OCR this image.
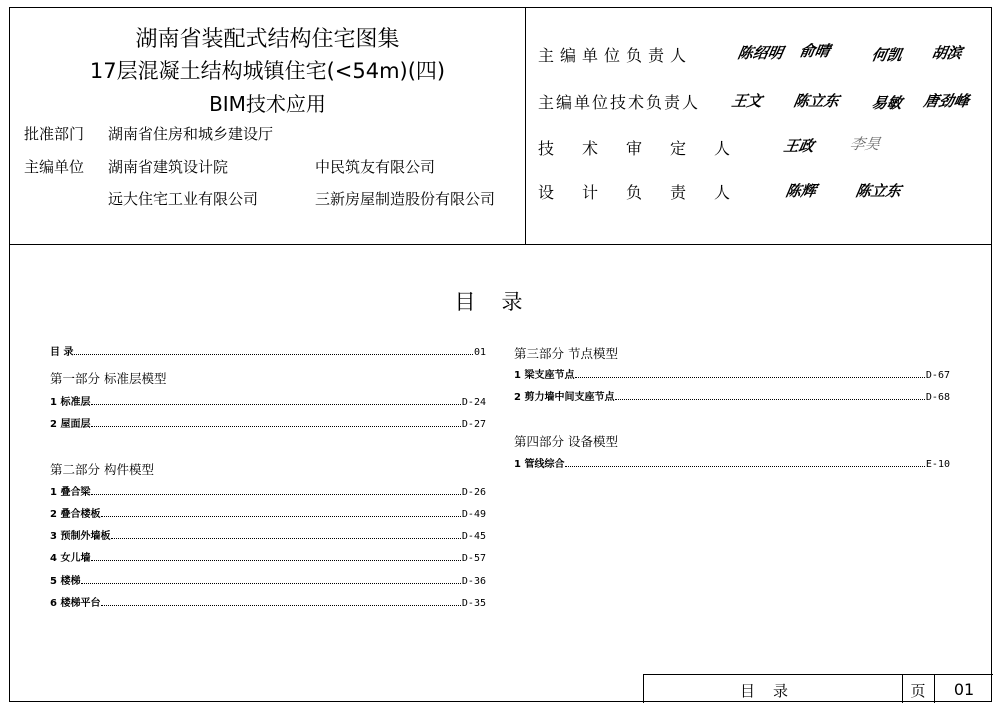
湖南省装配式结构住宅图集
17层混凝土结构城镇住宅(<54m)(四)
BIM技术应用
批准部门 湖南省住房和城乡建设厅
主编单位 湖南省建筑设计院	中民筑友有限公司
远大住宅工业有限公司	三新房屋制造股份有限公司
主编单位负责人	陈绍明 俞晴	何凯 胡滨
主编单位技术负责人 王文 陈立东 易敏 唐劲峰
技术审定人 王政 李昊
设计负责人 陈辉 陈立东
目录
目 录	01
第一部分 标准层模型
1 标准层	D-24
2 屋面层	D-27
第二部分 构件模型
1 叠合梁	D-26
2 叠合楼板	D-49
3 预制外墙板	D-45
4 女儿墙	D-57
5 楼梯	D-36
6 楼梯平台	D-35
第三部分 节点模型
1 梁支座节点	D-67
2 剪力墙中间支座节点	D-68
第四部分 设备模型
1 管线综合	E-10
目录	页	01
